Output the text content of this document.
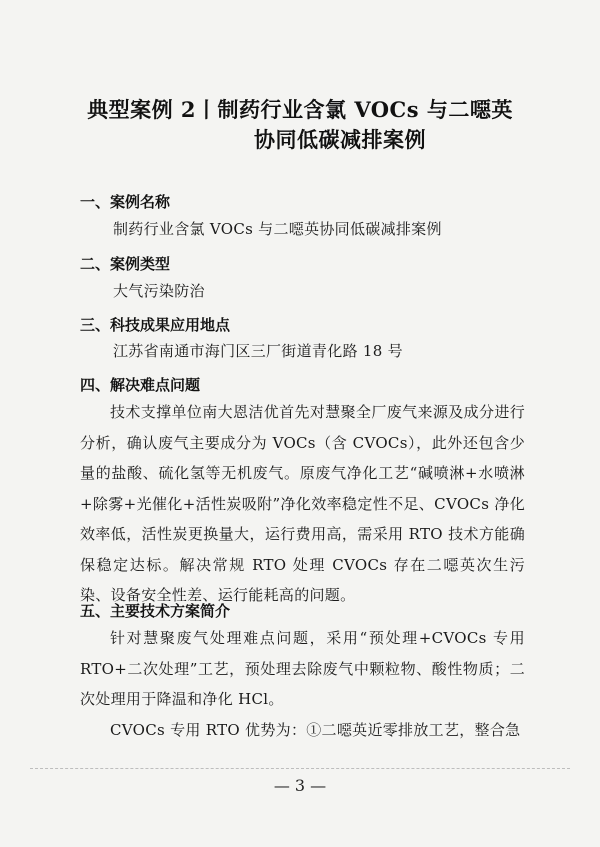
典型案例 2丨制药行业含氯 VOCs 与二噁英
协同低碳减排案例
一、案例名称

制药行业含氯 VOCs 与二噁英协同低碳减排案例

二、案例类型

大气污染防治

三、科技成果应用地点

江苏省南通市海门区三厂街道青化路 18 号

四、解决难点问题

技术支撑单位南大恩洁优首先对慧聚全厂废气来源及成分进行分析，确认废气主要成分为 VOCs（含 CVOCs），此外还包含少量的盐酸、硫化氢等无机废气。原废气净化工艺“碱喷淋+水喷淋+除雾+光催化+活性炭吸附”净化效率稳定性不足、CVOCs 净化效率低，活性炭更换量大，运行费用高，需采用 RTO 技术方能确保稳定达标。解决常规 RTO 处理 CVOCs 存在二噁英次生污染、设备安全性差、运行能耗高的问题。

五、主要技术方案简介

针对慧聚废气处理难点问题，采用“预处理+CVOCs 专用 RTO+二次处理”工艺，预处理去除废气中颗粒物、酸性物质；二次处理用于降温和净化 HCl。

CVOCs 专用 RTO 优势为：①二噁英近零排放工艺，整合急

— 3 —
